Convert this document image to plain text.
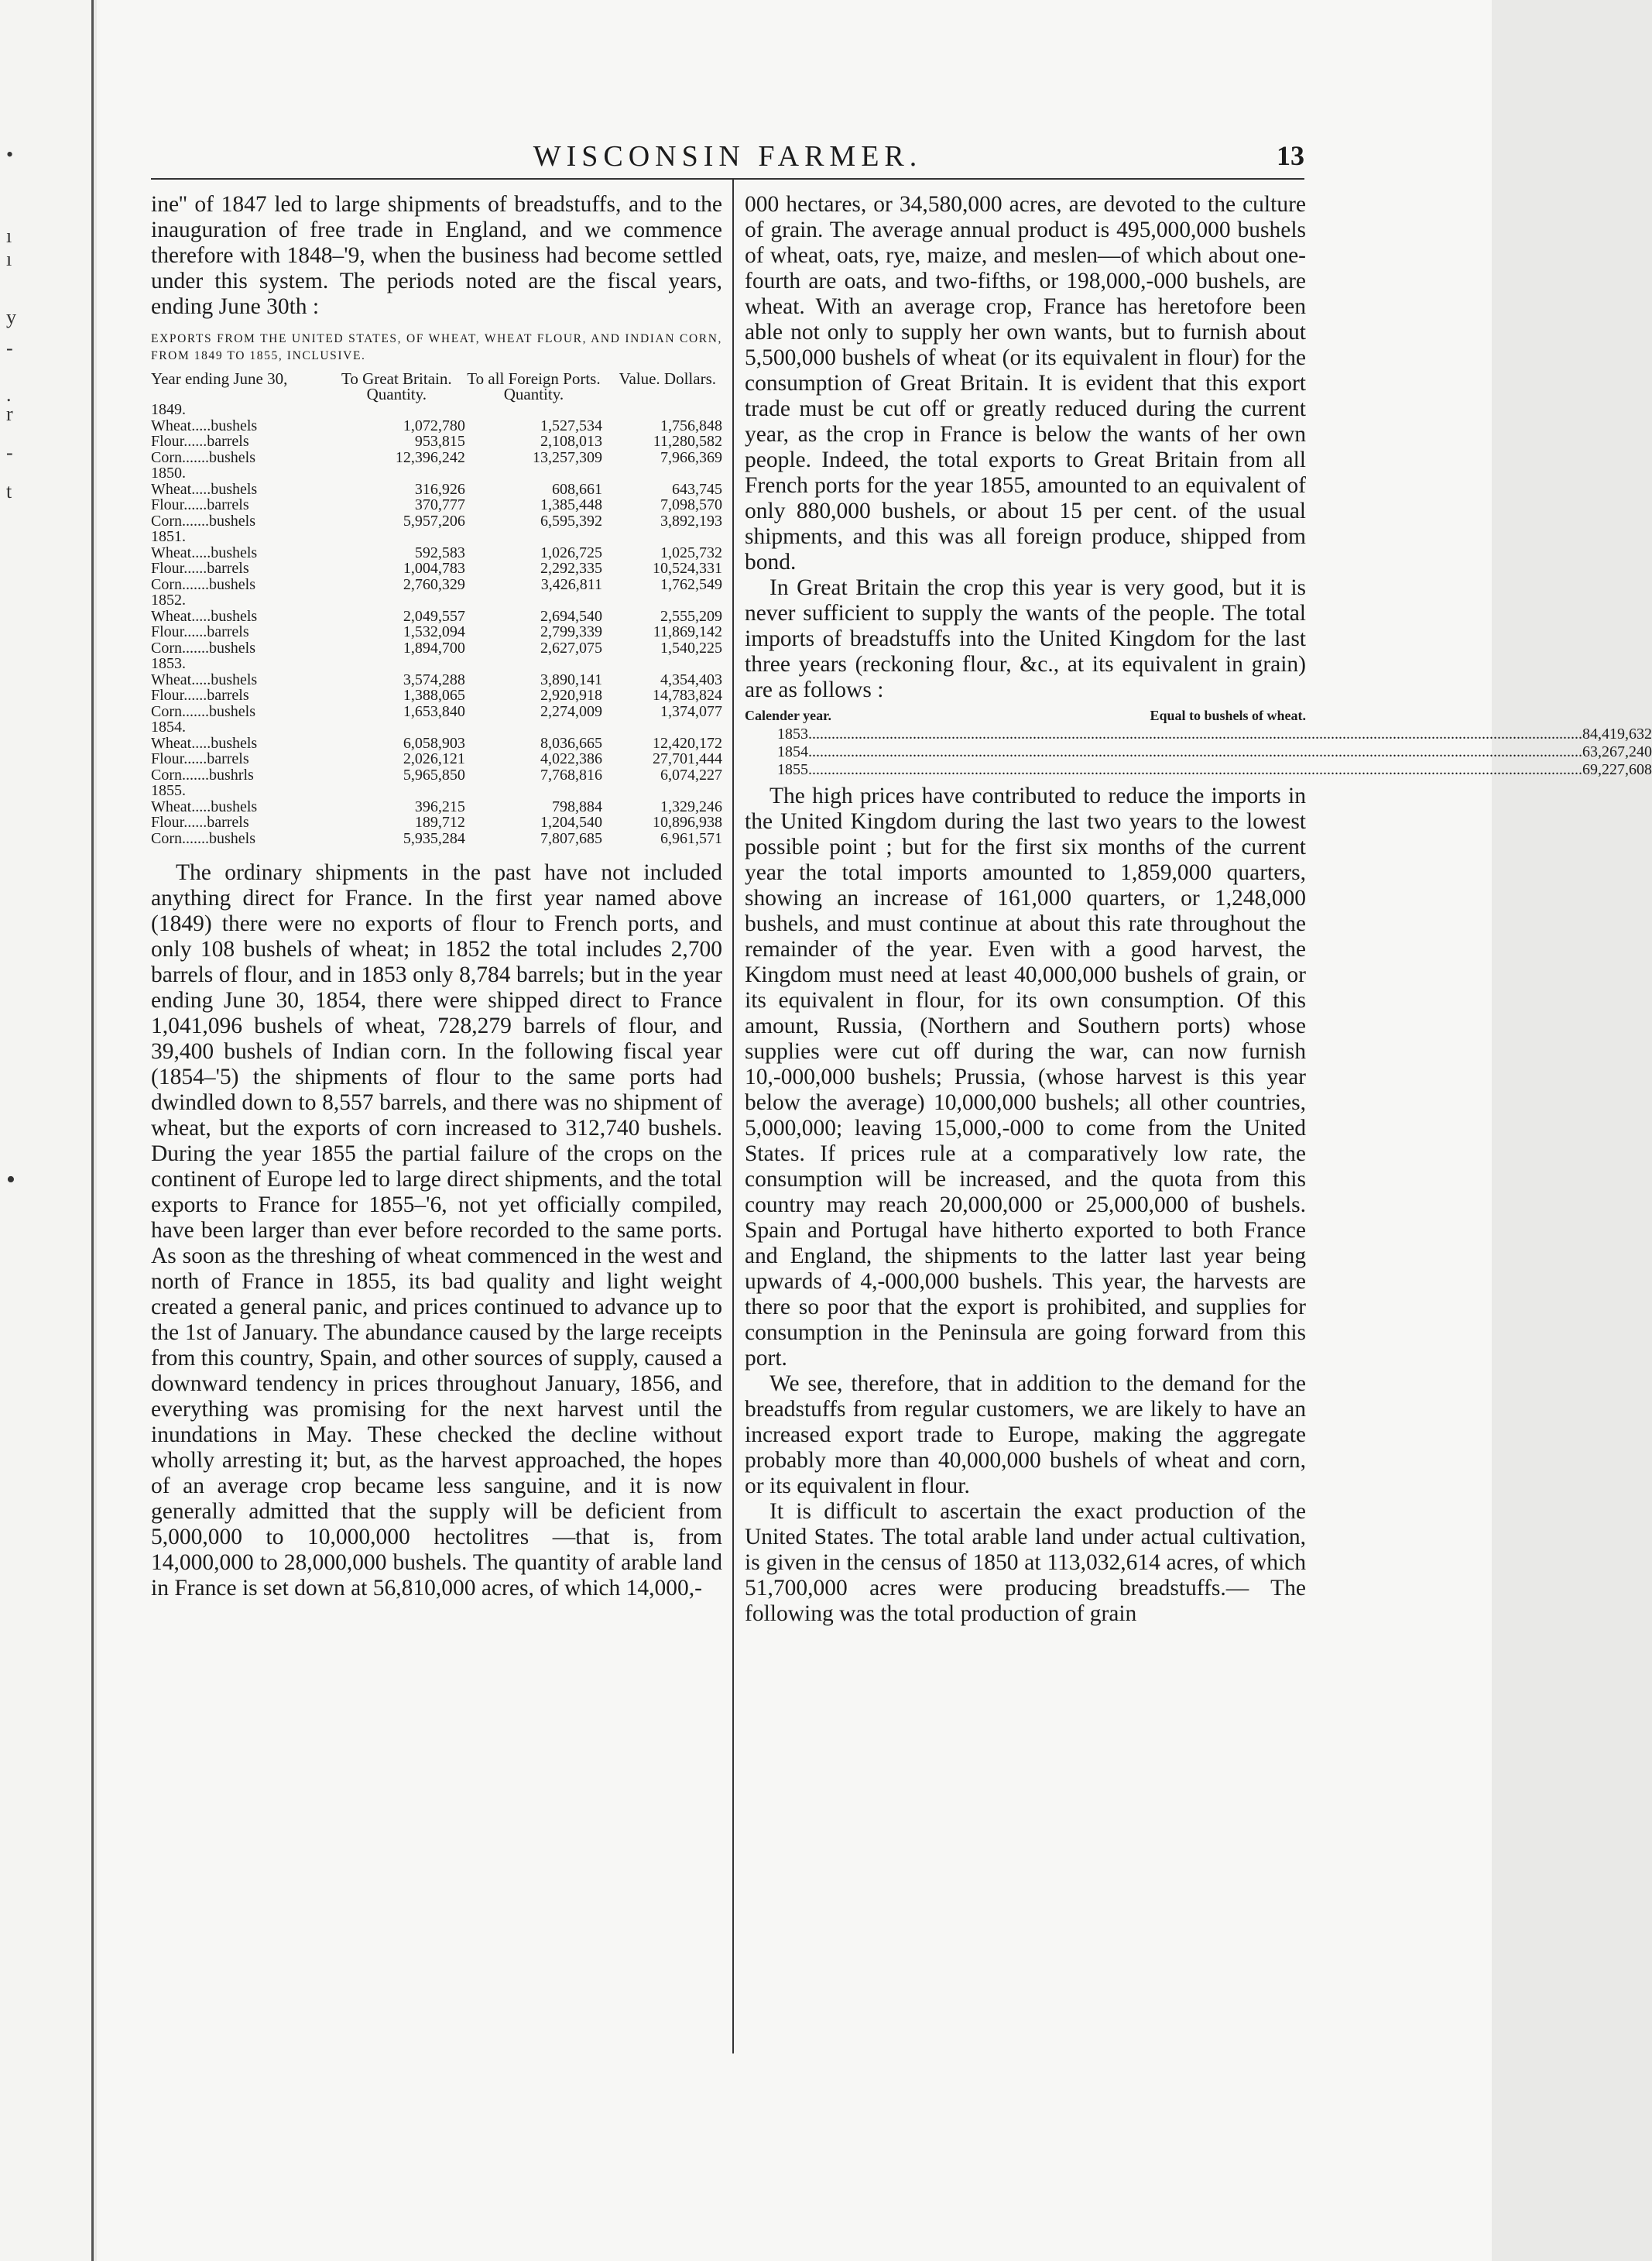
•
ı
ı
y
-
.
r
-
t
•
WISCONSIN FARMER.	13

ine'' of 1847 led to large shipments of breadstuffs, and to the inauguration of free trade in England, and we commence therefore with 1848–'9, when the business had become settled under this system. The periods noted are the fiscal years, ending June 30th :

EXPORTS FROM THE UNITED STATES, OF WHEAT, WHEAT FLOUR, AND INDIAN CORN, FROM 1849 TO 1855, INCLUSIVE.
Year ending June 30,	To Great Britain. Quantity.	To all Foreign Ports. Quantity.	Value. Dollars.
1849.			
Wheat.....bushels	1,072,780	1,527,534	1,756,848
Flour......barrels	953,815	2,108,013	11,280,582
Corn.......bushels	12,396,242	13,257,309	7,966,369
1850.			
Wheat.....bushels	316,926	608,661	643,745
Flour......barrels	370,777	1,385,448	7,098,570
Corn.......bushels	5,957,206	6,595,392	3,892,193
1851.			
Wheat.....bushels	592,583	1,026,725	1,025,732
Flour......barrels	1,004,783	2,292,335	10,524,331
Corn.......bushels	2,760,329	3,426,811	1,762,549
1852.			
Wheat.....bushels	2,049,557	2,694,540	2,555,209
Flour......barrels	1,532,094	2,799,339	11,869,142
Corn.......bushels	1,894,700	2,627,075	1,540,225
1853.			
Wheat.....bushels	3,574,288	3,890,141	4,354,403
Flour......barrels	1,388,065	2,920,918	14,783,824
Corn.......bushels	1,653,840	2,274,009	1,374,077
1854.			
Wheat.....bushels	6,058,903	8,036,665	12,420,172
Flour......barrels	2,026,121	4,022,386	27,701,444
Corn.......bushrls	5,965,850	7,768,816	6,074,227
1855.			
Wheat.....bushels	396,215	798,884	1,329,246
Flour......barrels	189,712	1,204,540	10,896,938
Corn.......bushels	5,935,284	7,807,685	6,961,571

The ordinary shipments in the past have not included anything direct for France. In the first year named above (1849) there were no exports of flour to French ports, and only 108 bushels of wheat; in 1852 the total includes 2,700 barrels of flour, and in 1853 only 8,784 barrels; but in the year ending June 30, 1854, there were shipped direct to France 1,041,096 bushels of wheat, 728,279 barrels of flour, and 39,400 bushels of Indian corn. In the following fiscal year (1854–'5) the shipments of flour to the same ports had dwindled down to 8,557 barrels, and there was no shipment of wheat, but the exports of corn increased to 312,740 bushels. During the year 1855 the partial failure of the crops on the continent of Europe led to large direct shipments, and the total exports to France for 1855–'6, not yet officially compiled, have been larger than ever before recorded to the same ports. As soon as the threshing of wheat commenced in the west and north of France in 1855, its bad quality and light weight created a general panic, and prices continued to advance up to the 1st of January. The abundance caused by the large receipts from this country, Spain, and other sources of supply, caused a downward tendency in prices throughout January, 1856, and everything was promising for the next harvest until the inundations in May. These checked the decline without wholly arresting it; but, as the harvest approached, the hopes of an average crop became less sanguine, and it is now generally admitted that the supply will be deficient from 5,000,000 to 10,000,000 hectolitres —that is, from 14,000,000 to 28,000,000 bushels. The quantity of arable land in France is set down at 56,810,000 acres, of which 14,000,-

000 hectares, or 34,580,000 acres, are devoted to the culture of grain. The average annual product is 495,000,000 bushels of wheat, oats, rye, maize, and meslen—of which about one-fourth are oats, and two-fifths, or 198,000,-000 bushels, are wheat. With an average crop, France has heretofore been able not only to supply her own wants, but to furnish about 5,500,000 bushels of wheat (or its equivalent in flour) for the consumption of Great Britain. It is evident that this export trade must be cut off or greatly reduced during the current year, as the crop in France is below the wants of her own people. Indeed, the total exports to Great Britain from all French ports for the year 1855, amounted to an equivalent of only 880,000 bushels, or about 15 per cent. of the usual shipments, and this was all foreign produce, shipped from bond.

In Great Britain the crop this year is very good, but it is never sufficient to supply the wants of the people. The total imports of breadstuffs into the United Kingdom for the last three years (reckoning flour, &c., at its equivalent in grain) are as follows :

Calender year.	Equal to bushels of wheat.
1853 ........................................................................................................................................................................................................ 84,419,632
1854 ........................................................................................................................................................................................................ 63,267,240
1855 ........................................................................................................................................................................................................ 69,227,608

The high prices have contributed to reduce the imports in the United Kingdom during the last two years to the lowest possible point ; but for the first six months of the current year the total imports amounted to 1,859,000 quarters, showing an increase of 161,000 quarters, or 1,248,000 bushels, and must continue at about this rate throughout the remainder of the year. Even with a good harvest, the Kingdom must need at least 40,000,000 bushels of grain, or its equivalent in flour, for its own consumption. Of this amount, Russia, (Northern and Southern ports) whose supplies were cut off during the war, can now furnish 10,-000,000 bushels; Prussia, (whose harvest is this year below the average) 10,000,000 bushels; all other countries, 5,000,000; leaving 15,000,-000 to come from the United States. If prices rule at a comparatively low rate, the consumption will be increased, and the quota from this country may reach 20,000,000 or 25,000,000 of bushels. Spain and Portugal have hitherto exported to both France and England, the shipments to the latter last year being upwards of 4,-000,000 bushels. This year, the harvests are there so poor that the export is prohibited, and supplies for consumption in the Peninsula are going forward from this port.

We see, therefore, that in addition to the demand for the breadstuffs from regular customers, we are likely to have an increased export trade to Europe, making the aggregate probably more than 40,000,000 bushels of wheat and corn, or its equivalent in flour.

It is difficult to ascertain the exact production of the United States. The total arable land under actual cultivation, is given in the census of 1850 at 113,032,614 acres, of which 51,700,000 acres were producing breadstuffs.— The following was the total production of grain
